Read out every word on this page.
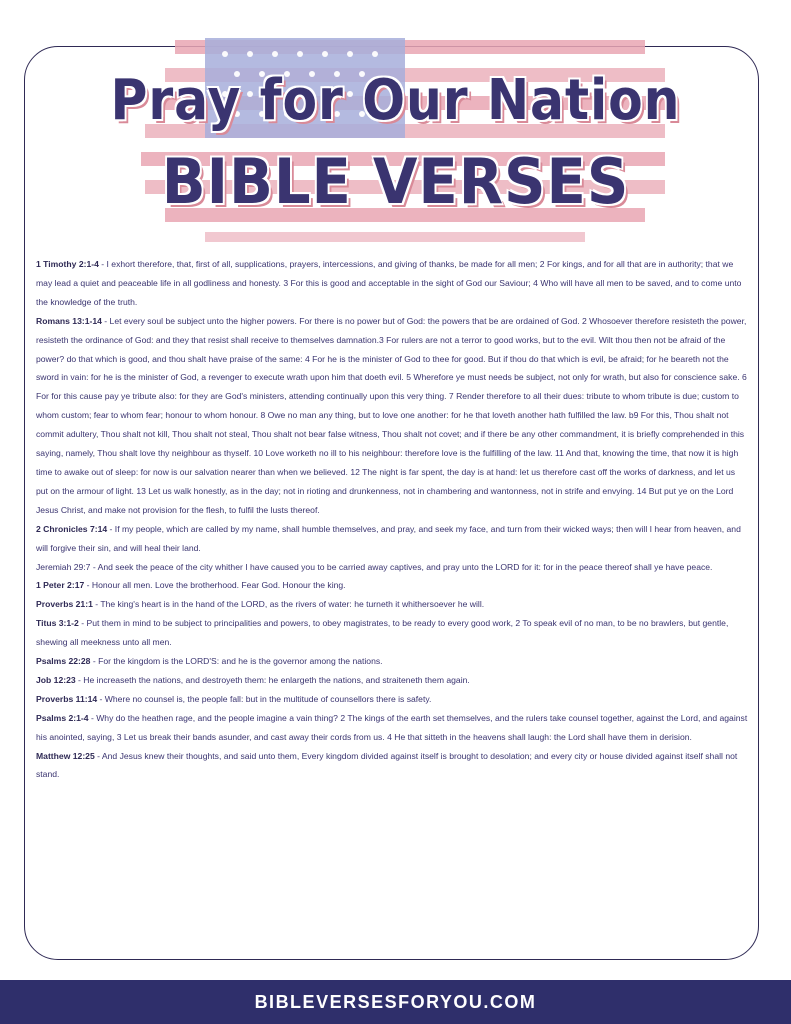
Pray for Our Nation
BIBLE VERSES

1 Timothy 2:1-4 - I exhort therefore, that, first of all, supplications, prayers, intercessions, and giving of thanks, be made for all men; 2 For kings, and for all that are in authority; that we may lead a quiet and peaceable life in all godliness and honesty. 3 For this is good and acceptable in the sight of God our Saviour; 4 Who will have all men to be saved, and to come unto the knowledge of the truth.

Romans 13:1-14 - Let every soul be subject unto the higher powers. For there is no power but of God: the powers that be are ordained of God. 2 Whosoever therefore resisteth the power, resisteth the ordinance of God: and they that resist shall receive to themselves damnation.3 For rulers are not a terror to good works, but to the evil. Wilt thou then not be afraid of the power? do that which is good, and thou shalt have praise of the same: 4 For he is the minister of God to thee for good. But if thou do that which is evil, be afraid; for he beareth not the sword in vain: for he is the minister of God, a revenger to execute wrath upon him that doeth evil. 5 Wherefore ye must needs be subject, not only for wrath, but also for conscience sake. 6 For for this cause pay ye tribute also: for they are God's ministers, attending continually upon this very thing. 7 Render therefore to all their dues: tribute to whom tribute is due; custom to whom custom; fear to whom fear; honour to whom honour. 8 Owe no man any thing, but to love one another: for he that loveth another hath fulfilled the law. b9 For this, Thou shalt not commit adultery, Thou shalt not kill, Thou shalt not steal, Thou shalt not bear false witness, Thou shalt not covet; and if there be any other commandment, it is briefly comprehended in this saying, namely, Thou shalt love thy neighbour as thyself. 10 Love worketh no ill to his neighbour: therefore love is the fulfilling of the law. 11 And that, knowing the time, that now it is high time to awake out of sleep: for now is our salvation nearer than when we believed. 12 The night is far spent, the day is at hand: let us therefore cast off the works of darkness, and let us put on the armour of light. 13 Let us walk honestly, as in the day; not in rioting and drunkenness, not in chambering and wantonness, not in strife and envying. 14 But put ye on the Lord Jesus Christ, and make not provision for the flesh, to fulfil the lusts thereof.

2 Chronicles 7:14 - If my people, which are called by my name, shall humble themselves, and pray, and seek my face, and turn from their wicked ways; then will I hear from heaven, and will forgive their sin, and will heal their land.

Jeremiah 29:7 - And seek the peace of the city whither I have caused you to be carried away captives, and pray unto the LORD for it: for in the peace thereof shall ye have peace.

1 Peter 2:17 - Honour all men. Love the brotherhood. Fear God. Honour the king.

Proverbs 21:1 - The king's heart is in the hand of the LORD, as the rivers of water: he turneth it whithersoever he will.

Titus 3:1-2 - Put them in mind to be subject to principalities and powers, to obey magistrates, to be ready to every good work, 2 To speak evil of no man, to be no brawlers, but gentle, shewing all meekness unto all men.

Psalms 22:28 - For the kingdom is the LORD'S: and he is the governor among the nations.

Job 12:23 - He increaseth the nations, and destroyeth them: he enlargeth the nations, and straiteneth them again.

Proverbs 11:14 - Where no counsel is, the people fall: but in the multitude of counsellors there is safety.

Psalms 2:1-4 - Why do the heathen rage, and the people imagine a vain thing? 2 The kings of the earth set themselves, and the rulers take counsel together, against the Lord, and against his anointed, saying, 3 Let us break their bands asunder, and cast away their cords from us. 4 He that sitteth in the heavens shall laugh: the Lord shall have them in derision.

Matthew 12:25 - And Jesus knew their thoughts, and said unto them, Every kingdom divided against itself is brought to desolation; and every city or house divided against itself shall not stand.

BIBLEVERSESFORYOU.COM
